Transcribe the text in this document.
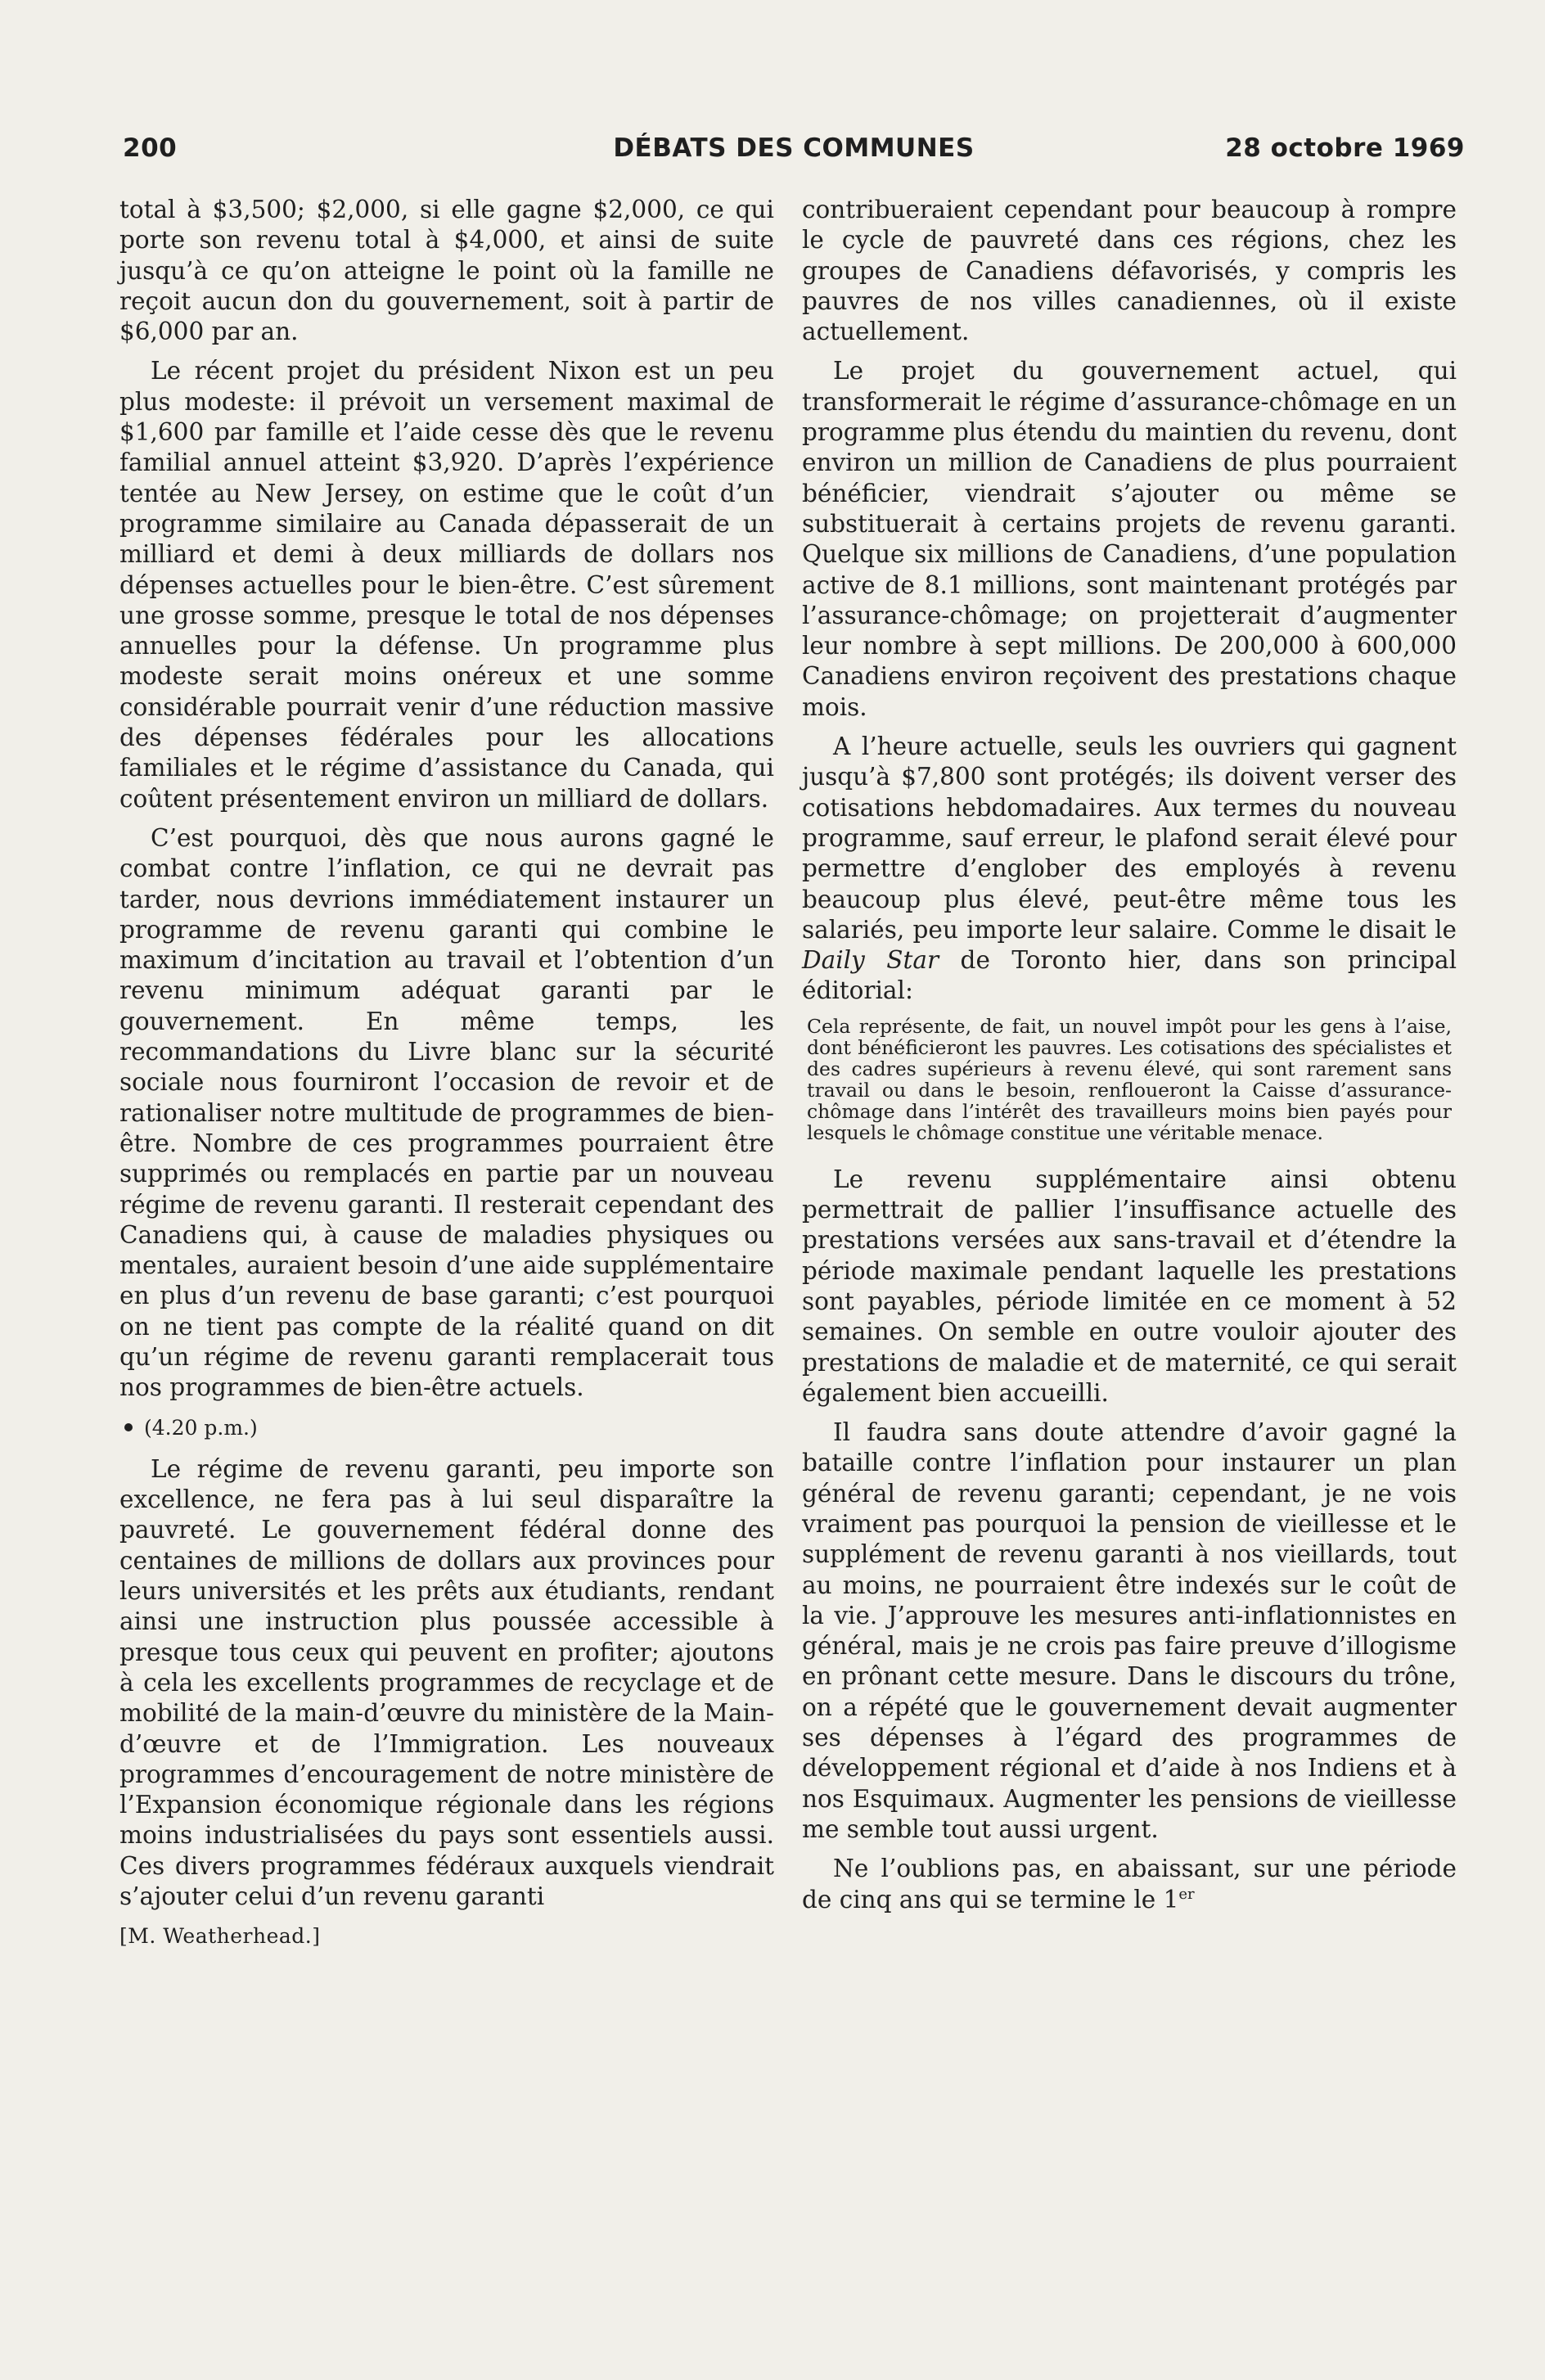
200	DÉBATS DES COMMUNES	28 octobre 1969

total à $3,500; $2,000, si elle gagne $2,000, ce qui porte son revenu total à $4,000, et ainsi de suite jusqu’à ce qu’on atteigne le point où la famille ne reçoit aucun don du gouvernement, soit à partir de $6,000 par an.

Le récent projet du président Nixon est un peu plus modeste: il prévoit un versement maximal de $1,600 par famille et l’aide cesse dès que le revenu familial annuel atteint $3,920. D’après l’expérience tentée au New Jersey, on estime que le coût d’un programme similaire au Canada dépasserait de un milliard et demi à deux milliards de dollars nos dépenses actuelles pour le bien-être. C’est sûrement une grosse somme, presque le total de nos dépenses annuelles pour la défense. Un programme plus modeste serait moins onéreux et une somme considérable pourrait venir d’une réduction massive des dépenses fédérales pour les allocations familiales et le régime d’assistance du Canada, qui coûtent présentement environ un milliard de dollars.

C’est pourquoi, dès que nous aurons gagné le combat contre l’inflation, ce qui ne devrait pas tarder, nous devrions immédiatement instaurer un programme de revenu garanti qui combine le maximum d’incitation au travail et l’obtention d’un revenu minimum adéquat garanti par le gouvernement. En même temps, les recommandations du Livre blanc sur la sécurité sociale nous fourniront l’occasion de revoir et de rationaliser notre multitude de programmes de bien-être. Nombre de ces programmes pourraient être supprimés ou remplacés en partie par un nouveau régime de revenu garanti. Il resterait cependant des Canadiens qui, à cause de maladies physiques ou mentales, auraient besoin d’une aide supplémentaire en plus d’un revenu de base garanti; c’est pourquoi on ne tient pas compte de la réalité quand on dit qu’un régime de revenu garanti remplacerait tous nos programmes de bien-être actuels.

(4.20 p.m.)

Le régime de revenu garanti, peu importe son excellence, ne fera pas à lui seul disparaître la pauvreté. Le gouvernement fédéral donne des centaines de millions de dollars aux provinces pour leurs universités et les prêts aux étudiants, rendant ainsi une instruction plus poussée accessible à presque tous ceux qui peuvent en profiter; ajoutons à cela les excellents programmes de recyclage et de mobilité de la main-d’œuvre du ministère de la Main-d’œuvre et de l’Immigration. Les nouveaux programmes d’encouragement de notre ministère de l’Expansion économique régionale dans les régions moins industrialisées du pays sont essentiels aussi. Ces divers programmes fédéraux auxquels viendrait s’ajouter celui d’un revenu garanti

[M. Weatherhead.]

contribueraient cependant pour beaucoup à rompre le cycle de pauvreté dans ces régions, chez les groupes de Canadiens défavorisés, y compris les pauvres de nos villes canadiennes, où il existe actuellement.

Le projet du gouvernement actuel, qui transformerait le régime d’assurance-chômage en un programme plus étendu du maintien du revenu, dont environ un million de Canadiens de plus pourraient bénéficier, viendrait s’ajouter ou même se substituerait à certains projets de revenu garanti. Quelque six millions de Canadiens, d’une population active de 8.1 millions, sont maintenant protégés par l’assurance-chômage; on projetterait d’augmenter leur nombre à sept millions. De 200,000 à 600,000 Canadiens environ reçoivent des prestations chaque mois.

A l’heure actuelle, seuls les ouvriers qui gagnent jusqu’à $7,800 sont protégés; ils doivent verser des cotisations hebdomadaires. Aux termes du nouveau programme, sauf erreur, le plafond serait élevé pour permettre d’englober des employés à revenu beaucoup plus élevé, peut-être même tous les salariés, peu importe leur salaire. Comme le disait le Daily Star de Toronto hier, dans son principal éditorial:

Cela représente, de fait, un nouvel impôt pour les gens à l’aise, dont bénéficieront les pauvres. Les cotisations des spécialistes et des cadres supérieurs à revenu élevé, qui sont rarement sans travail ou dans le besoin, renfloueront la Caisse d’assurance-chômage dans l’intérêt des travailleurs moins bien payés pour lesquels le chômage constitue une véritable menace.

Le revenu supplémentaire ainsi obtenu permettrait de pallier l’insuffisance actuelle des prestations versées aux sans-travail et d’étendre la période maximale pendant laquelle les prestations sont payables, période limitée en ce moment à 52 semaines. On semble en outre vouloir ajouter des prestations de maladie et de maternité, ce qui serait également bien accueilli.

Il faudra sans doute attendre d’avoir gagné la bataille contre l’inflation pour instaurer un plan général de revenu garanti; cependant, je ne vois vraiment pas pourquoi la pension de vieillesse et le supplément de revenu garanti à nos vieillards, tout au moins, ne pourraient être indexés sur le coût de la vie. J’approuve les mesures anti-inflationnistes en général, mais je ne crois pas faire preuve d’illogisme en prônant cette mesure. Dans le discours du trône, on a répété que le gouvernement devait augmenter ses dépenses à l’égard des programmes de développement régional et d’aide à nos Indiens et à nos Esquimaux. Augmenter les pensions de vieillesse me semble tout aussi urgent.

Ne l’oublions pas, en abaissant, sur une période de cinq ans qui se termine le 1er
